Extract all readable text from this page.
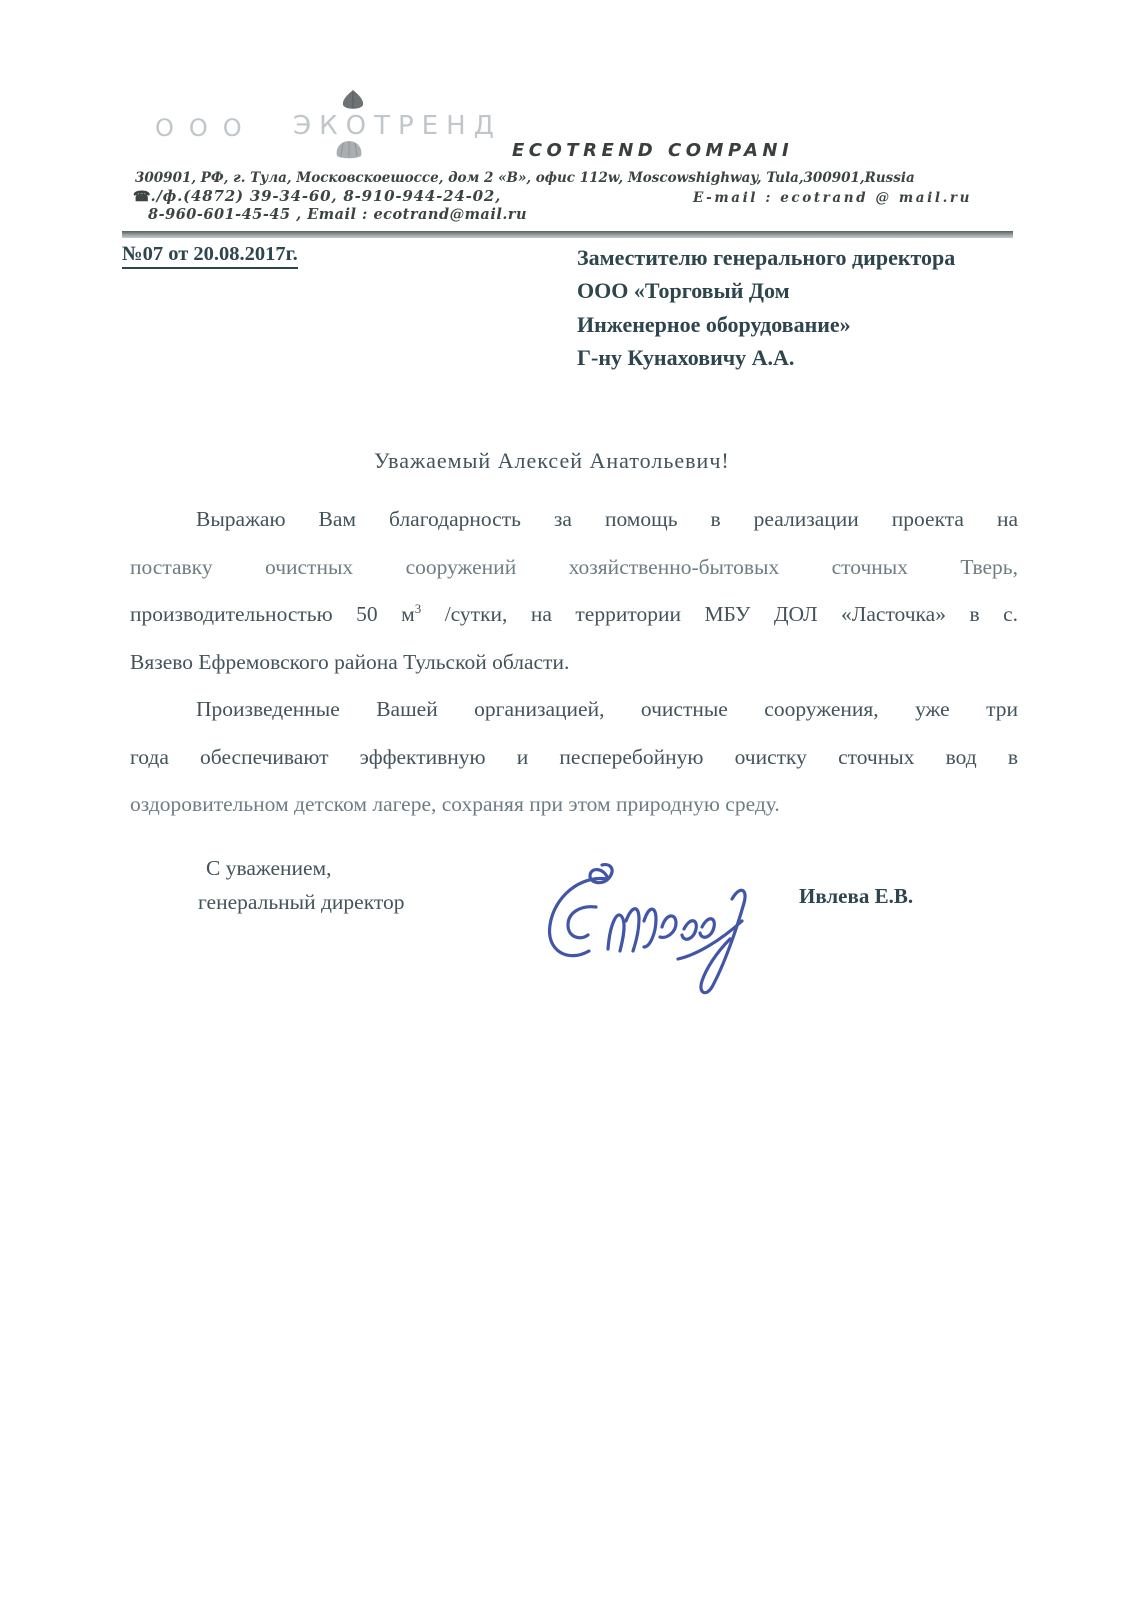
ООО ЭКОТРЕНД
ECOTREND COMPANI
300901, РФ, г. Тула, Московскоешоссе, дом 2 «В», офис 112w, Moscowshighway, Tula,300901,Russia
☎./ф.(4872) 39-34-60, 8-910-944-24-02,	E-mail : ecotrand @ mail.ru
8-960-601-45-45 , Email : ecotrand@mail.ru
№07 от 20.08.2017г.	Заместителю генерального директора
ООО «Торговый Дом
Инженерное оборудование»
Г-ну Кунаховичу А.А.
Уважаемый Алексей Анатольевич!
Выражаю Вам благодарность за помощь в реализации проекта на
поставку очистных сооружений хозяйственно-бытовых сточных Тверь,
производительностью 50 $м^3$ /сутки, на территории МБУ ДОЛ «Ласточка» в с.
Вязево Ефремовского района Тульской области.
Произведенные Вашей организацией, очистные сооружения, уже три
года обеспечивают эффективную и песперебойную очистку сточных вод в
оздоровительном детском лагере, сохраняя при этом природную среду.
С уважением,
генеральный директор	Ивлева Е.В.
